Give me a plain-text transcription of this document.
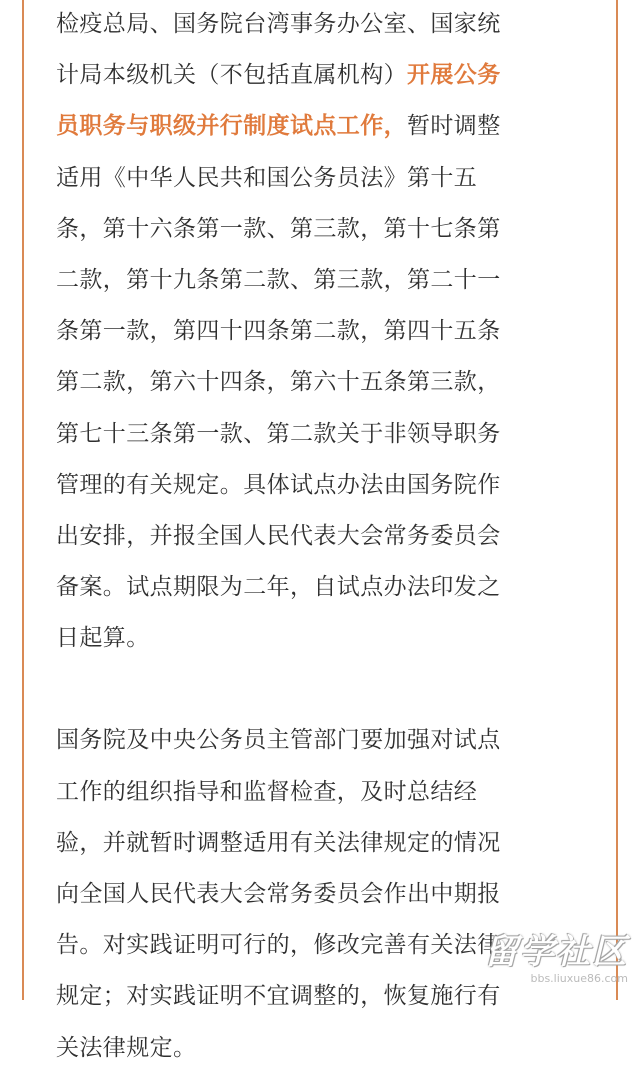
检疫总局、国务院台湾事务办公室、国家统
计局本级机关（不包括直属机构）开展公务
员职务与职级并行制度试点工作，暂时调整
适用《中华人民共和国公务员法》第十五
条，第十六条第一款、第三款，第十七条第
二款，第十九条第二款、第三款，第二十一
条第一款，第四十四条第二款，第四十五条
第二款，第六十四条，第六十五条第三款，
第七十三条第一款、第二款关于非领导职务
管理的有关规定。具体试点办法由国务院作
出安排，并报全国人民代表大会常务委员会
备案。试点期限为二年，自试点办法印发之
日起算。
国务院及中央公务员主管部门要加强对试点
工作的组织指导和监督检查，及时总结经
验，并就暂时调整适用有关法律规定的情况
向全国人民代表大会常务委员会作出中期报
告。对实践证明可行的，修改完善有关法律
规定；对实践证明不宜调整的，恢复施行有
关法律规定。
留学社区
bbs.liuxue86.com
